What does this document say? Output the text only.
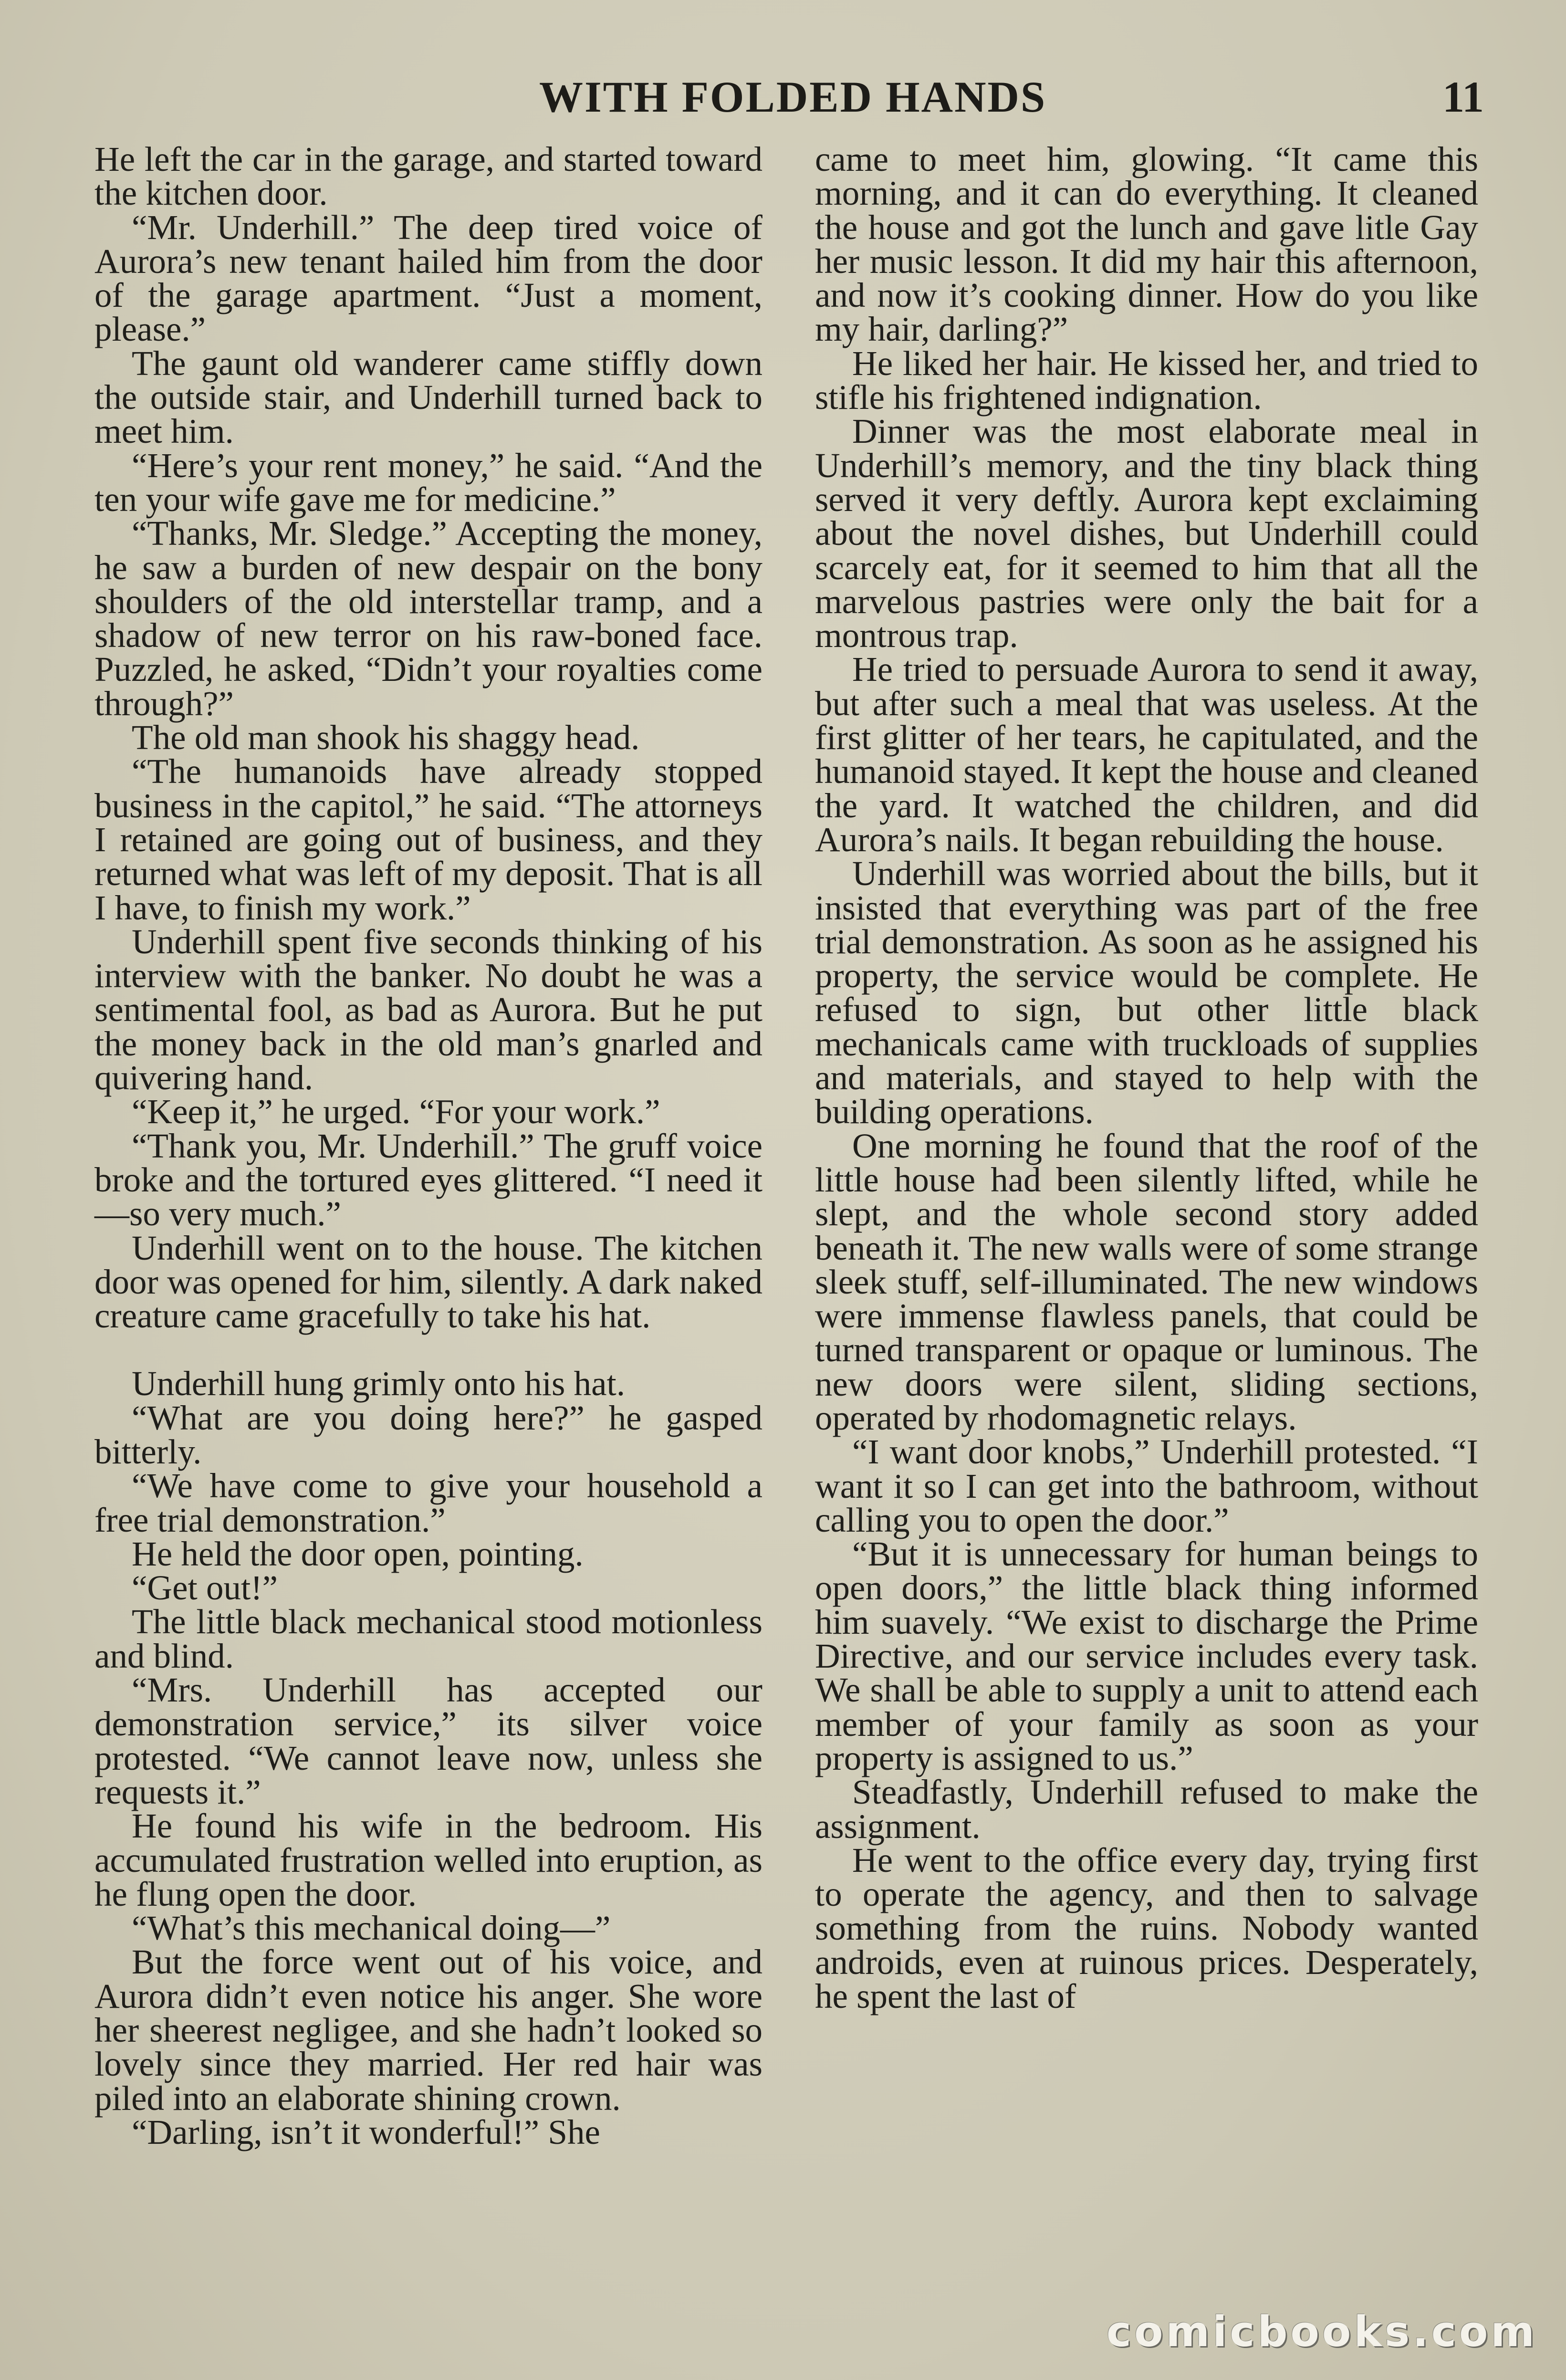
WITH FOLDED HANDS	11

He left the car in the garage, and started toward the kitchen door.

“Mr. Underhill.” The deep tired voice of Aurora’s new tenant hailed him from the door of the garage apartment. “Just a moment, please.”

The gaunt old wanderer came stiffly down the outside stair, and Underhill turned back to meet him.

“Here’s your rent money,” he said. “And the ten your wife gave me for medicine.”

“Thanks, Mr. Sledge.” Accepting the money, he saw a burden of new despair on the bony shoulders of the old interstellar tramp, and a shadow of new terror on his raw-boned face. Puzzled, he asked, “Didn’t your royalties come through?”

The old man shook his shaggy head.

“The humanoids have already stopped business in the capitol,” he said. “The attorneys I retained are going out of business, and they returned what was left of my deposit. That is all I have, to finish my work.”

Underhill spent five seconds thinking of his interview with the banker. No doubt he was a sentimental fool, as bad as Aurora. But he put the money back in the old man’s gnarled and quivering hand.

“Keep it,” he urged. “For your work.”

“Thank you, Mr. Underhill.” The gruff voice broke and the tortured eyes glittered. “I need it—so very much.”

Underhill went on to the house. The kitchen door was opened for him, silently. A dark naked creature came gracefully to take his hat.

Underhill hung grimly onto his hat.

“What are you doing here?” he gasped bitterly.

“We have come to give your household a free trial demonstration.”

He held the door open, pointing.

“Get out!”

The little black mechanical stood motionless and blind.

“Mrs. Underhill has accepted our demonstration service,” its silver voice protested. “We cannot leave now, unless she requests it.”

He found his wife in the bedroom. His accumulated frustration welled into eruption, as he flung open the door.

“What’s this mechanical doing—”

But the force went out of his voice, and Aurora didn’t even notice his anger. She wore her sheerest negligee, and she hadn’t looked so lovely since they married. Her red hair was piled into an elaborate shining crown.

“Darling, isn’t it wonderful!” She

came to meet him, glowing. “It came this morning, and it can do everything. It cleaned the house and got the lunch and gave litle Gay her music lesson. It did my hair this afternoon, and now it’s cooking dinner. How do you like my hair, darling?”

He liked her hair. He kissed her, and tried to stifle his frightened indignation.

Dinner was the most elaborate meal in Underhill’s memory, and the tiny black thing served it very deftly. Aurora kept exclaiming about the novel dishes, but Underhill could scarcely eat, for it seemed to him that all the marvelous pastries were only the bait for a montrous trap.

He tried to persuade Aurora to send it away, but after such a meal that was useless. At the first glitter of her tears, he capitulated, and the humanoid stayed. It kept the house and cleaned the yard. It watched the children, and did Aurora’s nails. It began rebuilding the house.

Underhill was worried about the bills, but it insisted that everything was part of the free trial demonstration. As soon as he assigned his property, the service would be complete. He refused to sign, but other little black mechanicals came with truckloads of supplies and materials, and stayed to help with the building operations.

One morning he found that the roof of the little house had been silently lifted, while he slept, and the whole second story added beneath it. The new walls were of some strange sleek stuff, self-illuminated. The new windows were immense flawless panels, that could be turned transparent or opaque or luminous. The new doors were silent, sliding sections, operated by rhodomagnetic relays.

“I want door knobs,” Underhill protested. “I want it so I can get into the bathroom, without calling you to open the door.”

“But it is unnecessary for human beings to open doors,” the little black thing informed him suavely. “We exist to discharge the Prime Directive, and our service includes every task. We shall be able to supply a unit to attend each member of your family as soon as your property is assigned to us.”

Steadfastly, Underhill refused to make the assignment.

He went to the office every day, trying first to operate the agency, and then to salvage something from the ruins. Nobody wanted androids, even at ruinous prices. Desperately, he spent the last of

comicbooks.com
